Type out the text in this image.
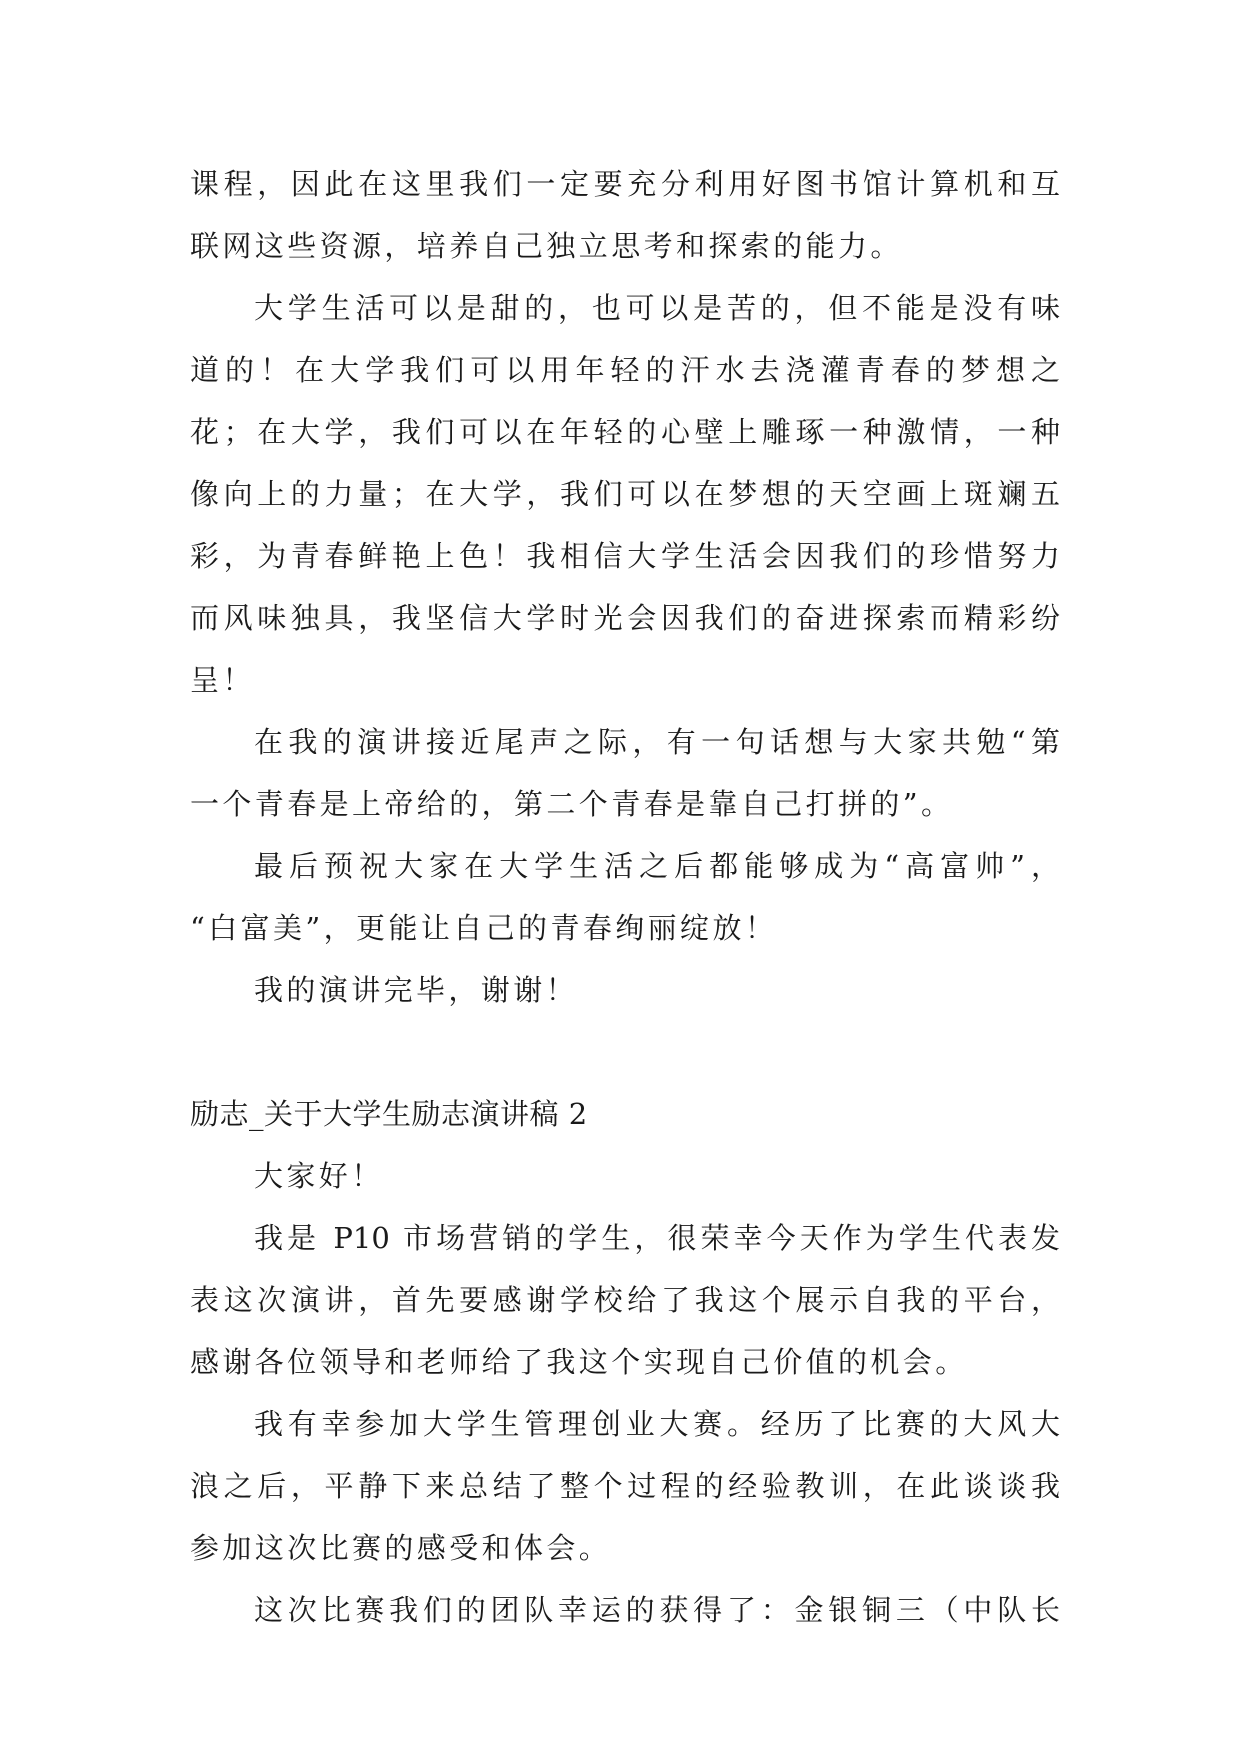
课程，因此在这里我们一定要充分利用好图书馆计算机和互
联网这些资源，培养自己独立思考和探索的能力。
大学生活可以是甜的，也可以是苦的，但不能是没有味
道的！在大学我们可以用年轻的汗水去浇灌青春的梦想之
花；在大学，我们可以在年轻的心壁上雕琢一种激情，一种
像向上的力量；在大学，我们可以在梦想的天空画上斑斓五
彩，为青春鲜艳上色！我相信大学生活会因我们的珍惜努力
而风味独具，我坚信大学时光会因我们的奋进探索而精彩纷
呈！
在我的演讲接近尾声之际，有一句话想与大家共勉“第
一个青春是上帝给的，第二个青春是靠自己打拼的”。
最后预祝大家在大学生活之后都能够成为“高富帅”，
“白富美”，更能让自己的青春绚丽绽放！
我的演讲完毕，谢谢！
励志_关于大学生励志演讲稿 2
大家好！
我是 P10 市场营销的学生，很荣幸今天作为学生代表发
表这次演讲，首先要感谢学校给了我这个展示自我的平台，
感谢各位领导和老师给了我这个实现自己价值的机会。
我有幸参加大学生管理创业大赛。经历了比赛的大风大
浪之后，平静下来总结了整个过程的经验教训，在此谈谈我
参加这次比赛的感受和体会。
这次比赛我们的团队幸运的获得了：金银铜三（中队长
